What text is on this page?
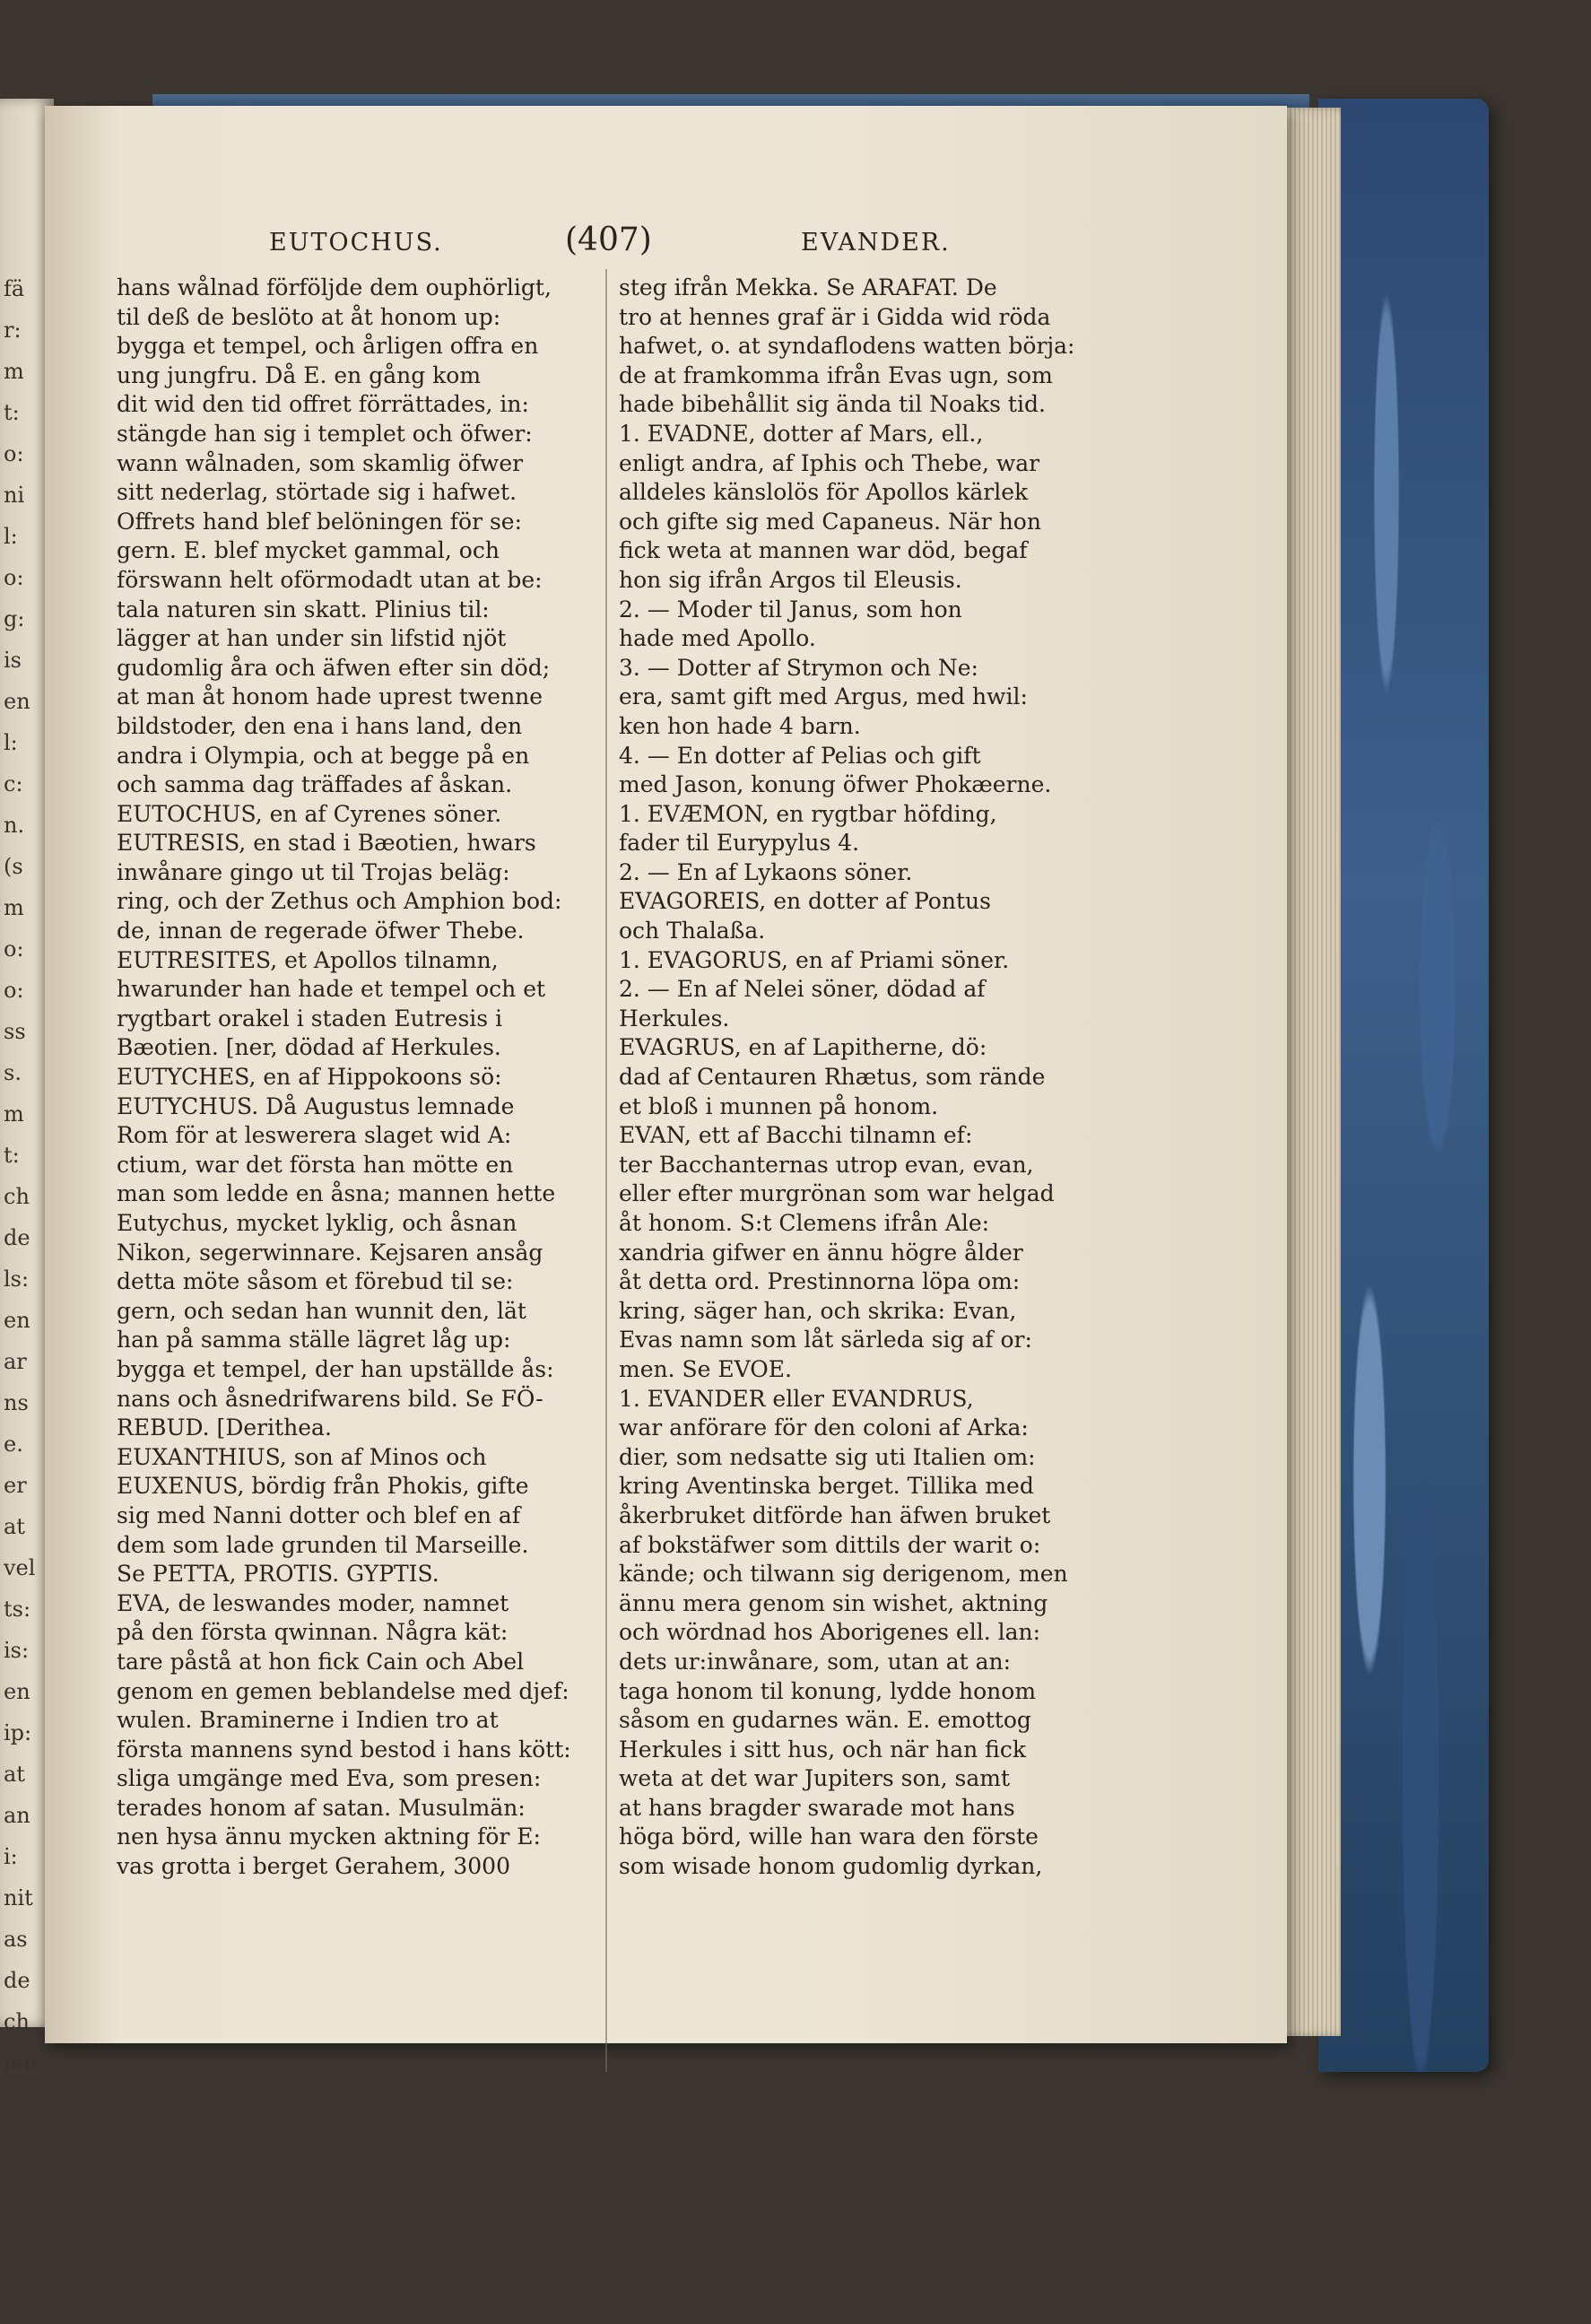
fä
r:
m
t:
o:
ni
l:
o:
g:
is
en
l:
c:
n.
(s
m
o:
o:
ss
s.
m
t:
ch
de
ls:
en
ar
ns
e.
er
at
vel
ts:
is:
en
ip:
at
an
i:
nit
as
de
ch
ien
EUTOCHUS.	(407)	EVANDER.
hans wålnad förföljde dem ouphörligt,
til deß de beslöto at åt honom up:
bygga et tempel, och årligen offra en
ung jungfru. Då E. en gång kom
dit wid den tid offret förrättades, in:
stängde han sig i templet och öfwer:
wann wålnaden, som skamlig öfwer
sitt nederlag, störtade sig i hafwet.
Offrets hand blef belöningen för se:
gern. E. blef mycket gammal, och
förswann helt oförmodadt utan at be:
tala naturen sin skatt. Plinius til:
lägger at han under sin lifstid njöt
gudomlig åra och äfwen efter sin död;
at man åt honom hade uprest twenne
bildstoder, den ena i hans land, den
andra i Olympia, och at begge på en
och samma dag träffades af åskan.
EUTOCHUS, en af Cyrenes söner.
EUTRESIS, en stad i Bæotien, hwars
inwånare gingo ut til Trojas beläg:
ring, och der Zethus och Amphion bod:
de, innan de regerade öfwer Thebe.
EUTRESITES, et Apollos tilnamn,
hwarunder han hade et tempel och et
rygtbart orakel i staden Eutresis i
Bæotien. [ner, dödad af Herkules.
EUTYCHES, en af Hippokoons sö:
EUTYCHUS. Då Augustus lemnade
Rom för at leswerera slaget wid A:
ctium, war det första han mötte en
man som ledde en åsna; mannen hette
Eutychus, mycket lyklig, och åsnan
Nikon, segerwinnare. Kejsaren ansåg
detta möte såsom et förebud til se:
gern, och sedan han wunnit den, lät
han på samma ställe lägret låg up:
bygga et tempel, der han upställde ås:
nans och åsnedrifwarens bild. Se FÖ-
REBUD. [Derithea.
EUXANTHIUS, son af Minos och
EUXENUS, bördig från Phokis, gifte
sig med Nanni dotter och blef en af
dem som lade grunden til Marseille.
Se PETTA, PROTIS. GYPTIS.
EVA, de leswandes moder, namnet
på den första qwinnan. Några kät:
tare påstå at hon fick Cain och Abel
genom en gemen beblandelse med djef:
wulen. Braminerne i Indien tro at
första mannens synd bestod i hans kött:
sliga umgänge med Eva, som presen:
terades honom af satan. Musulmän:
nen hysa ännu mycken aktning för E:
vas grotta i berget Gerahem, 3000
steg ifrån Mekka. Se ARAFAT. De
tro at hennes graf är i Gidda wid röda
hafwet, o. at syndaflodens watten börja:
de at framkomma ifrån Evas ugn, som
hade bibehållit sig ända til Noaks tid.
1. EVADNE, dotter af Mars, ell.,
enligt andra, af Iphis och Thebe, war
alldeles känslolös för Apollos kärlek
och gifte sig med Capaneus. När hon
fick weta at mannen war död, begaf
hon sig ifrån Argos til Eleusis.
2. — Moder til Janus, som hon
hade med Apollo.
3. — Dotter af Strymon och Ne:
era, samt gift med Argus, med hwil:
ken hon hade 4 barn.
4. — En dotter af Pelias och gift
med Jason, konung öfwer Phokæerne.
1. EVÆMON, en rygtbar höfding,
fader til Eurypylus 4.
2. — En af Lykaons söner.
EVAGOREIS, en dotter af Pontus
och Thalaßa.
1. EVAGORUS, en af Priami söner.
2. — En af Nelei söner, dödad af
Herkules.
EVAGRUS, en af Lapitherne, dö:
dad af Centauren Rhætus, som rände
et bloß i munnen på honom.
EVAN, ett af Bacchi tilnamn ef:
ter Bacchanternas utrop evan, evan,
eller efter murgrönan som war helgad
åt honom. S:t Clemens ifrån Ale:
xandria gifwer en ännu högre ålder
åt detta ord. Prestinnorna löpa om:
kring, säger han, och skrika: Evan,
Evas namn som låt särleda sig af or:
men. Se EVOE.
1. EVANDER eller EVANDRUS,
war anförare för den coloni af Arka:
dier, som nedsatte sig uti Italien om:
kring Aventinska berget. Tillika med
åkerbruket ditförde han äfwen bruket
af bokstäfwer som dittils der warit o:
kände; och tilwann sig derigenom, men
ännu mera genom sin wishet, aktning
och wördnad hos Aborigenes ell. lan:
dets ur:inwånare, som, utan at an:
taga honom til konung, lydde honom
såsom en gudarnes wän. E. emottog
Herkules i sitt hus, och när han fick
weta at det war Jupiters son, samt
at hans bragder swarade mot hans
höga börd, wille han wara den förste
som wisade honom gudomlig dyrkan,
